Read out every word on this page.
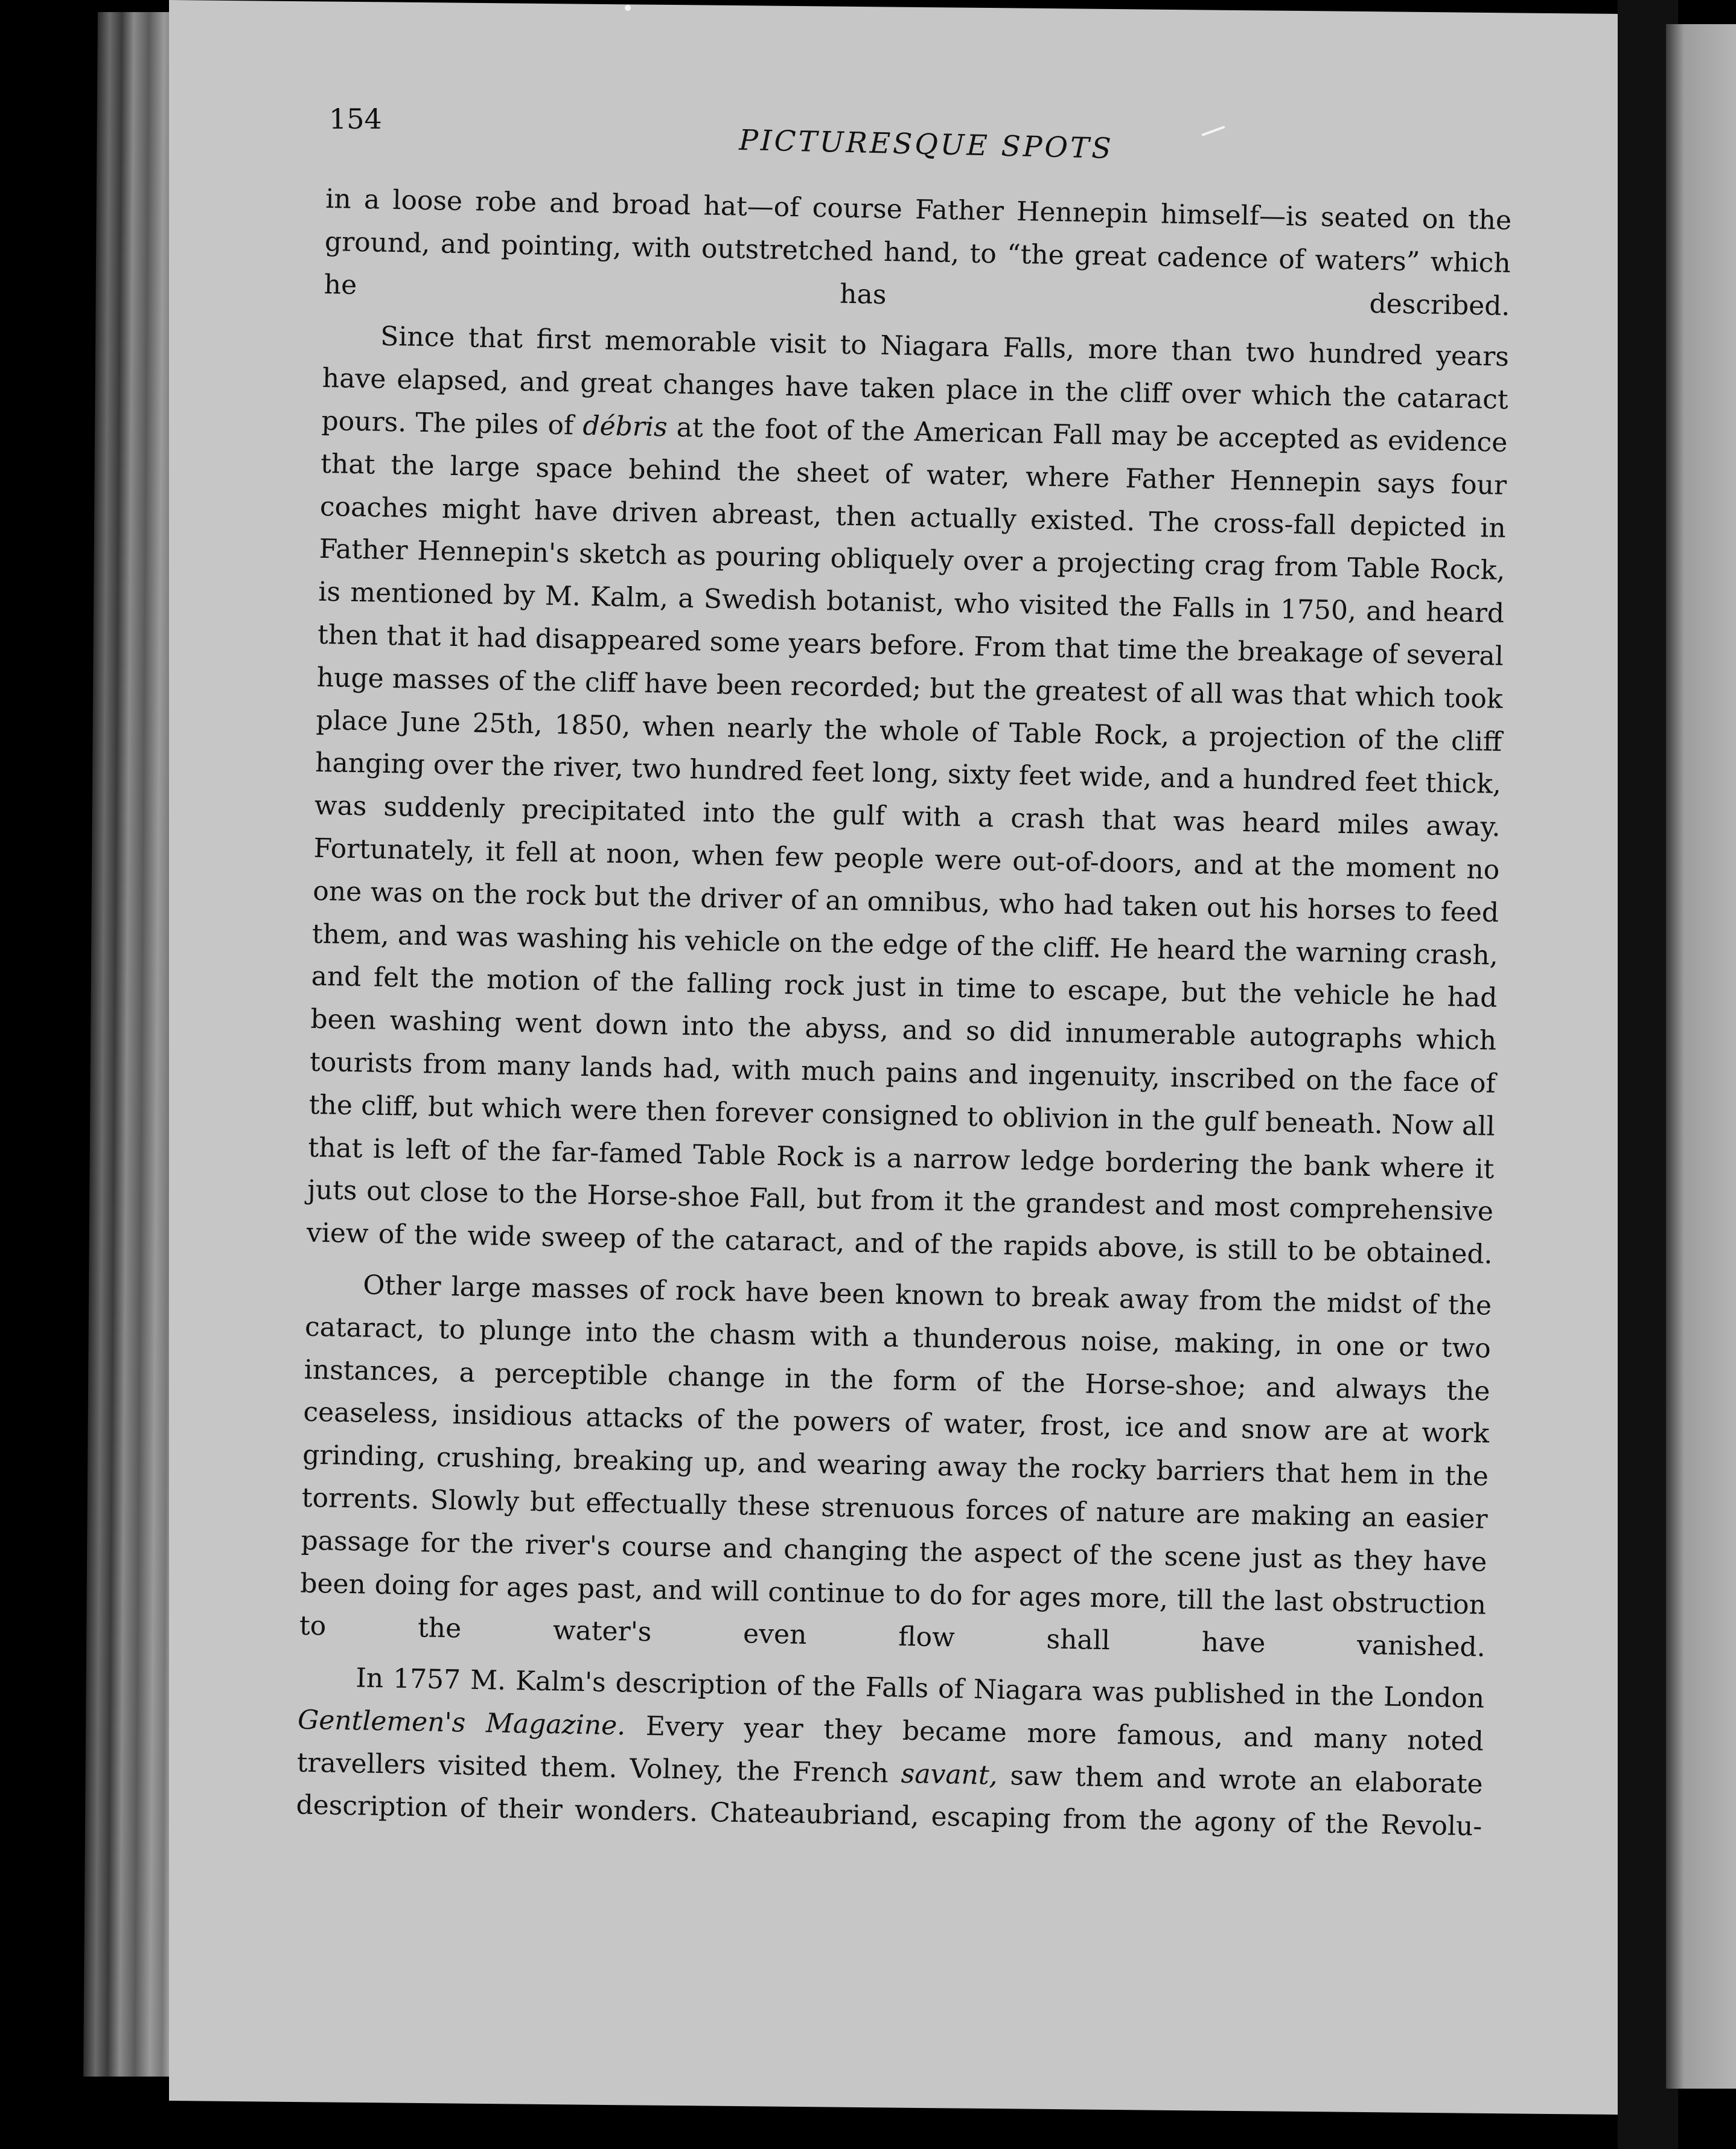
154

PICTURESQUE SPOTS

in a loose robe and broad hat—of course Father Hennepin himself—is seated on the ground, and pointing, with outstretched hand, to “the great cadence of waters” which he has described.

Since that first memorable visit to Niagara Falls, more than two hundred years have elapsed, and great changes have taken place in the cliff over which the cataract pours. The piles of débris at the foot of the American Fall may be accepted as evidence that the large space behind the sheet of water, where Father Hennepin says four coaches might have driven abreast, then actually existed. The cross-fall depicted in Father Hennepin's sketch as pouring obliquely over a projecting crag from Table Rock, is mentioned by M. Kalm, a Swedish botanist, who visited the Falls in 1750, and heard then that it had disappeared some years before. From that time the breakage of several huge masses of the cliff have been recorded; but the greatest of all was that which took place June 25th, 1850, when nearly the whole of Table Rock, a projection of the cliff hanging over the river, two hundred feet long, sixty feet wide, and a hundred feet thick, was suddenly precipitated into the gulf with a crash that was heard miles away. Fortunately, it fell at noon, when few people were out-of-doors, and at the moment no one was on the rock but the driver of an omnibus, who had taken out his horses to feed them, and was washing his vehicle on the edge of the cliff. He heard the warning crash, and felt the motion of the falling rock just in time to escape, but the vehicle he had been washing went down into the abyss, and so did innumerable autographs which tourists from many lands had, with much pains and ingenuity, inscribed on the face of the cliff, but which were then forever consigned to oblivion in the gulf beneath. Now all that is left of the far-famed Table Rock is a narrow ledge bordering the bank where it juts out close to the Horse-shoe Fall, but from it the grandest and most comprehensive view of the wide sweep of the cataract, and of the rapids above, is still to be obtained.

Other large masses of rock have been known to break away from the midst of the cataract, to plunge into the chasm with a thunderous noise, making, in one or two instances, a perceptible change in the form of the Horse-shoe; and always the ceaseless, insidious attacks of the powers of water, frost, ice and snow are at work grinding, crushing, breaking up, and wearing away the rocky barriers that hem in the torrents. Slowly but effectually these strenuous forces of nature are making an easier passage for the river's course and changing the aspect of the scene just as they have been doing for ages past, and will continue to do for ages more, till the last obstruction to the water's even flow shall have vanished.

In 1757 M. Kalm's description of the Falls of Niagara was published in the London Gentlemen's Magazine. Every year they became more famous, and many noted travellers visited them. Volney, the French savant, saw them and wrote an elaborate description of their wonders. Chateaubriand, escaping from the agony of the Revolu-
